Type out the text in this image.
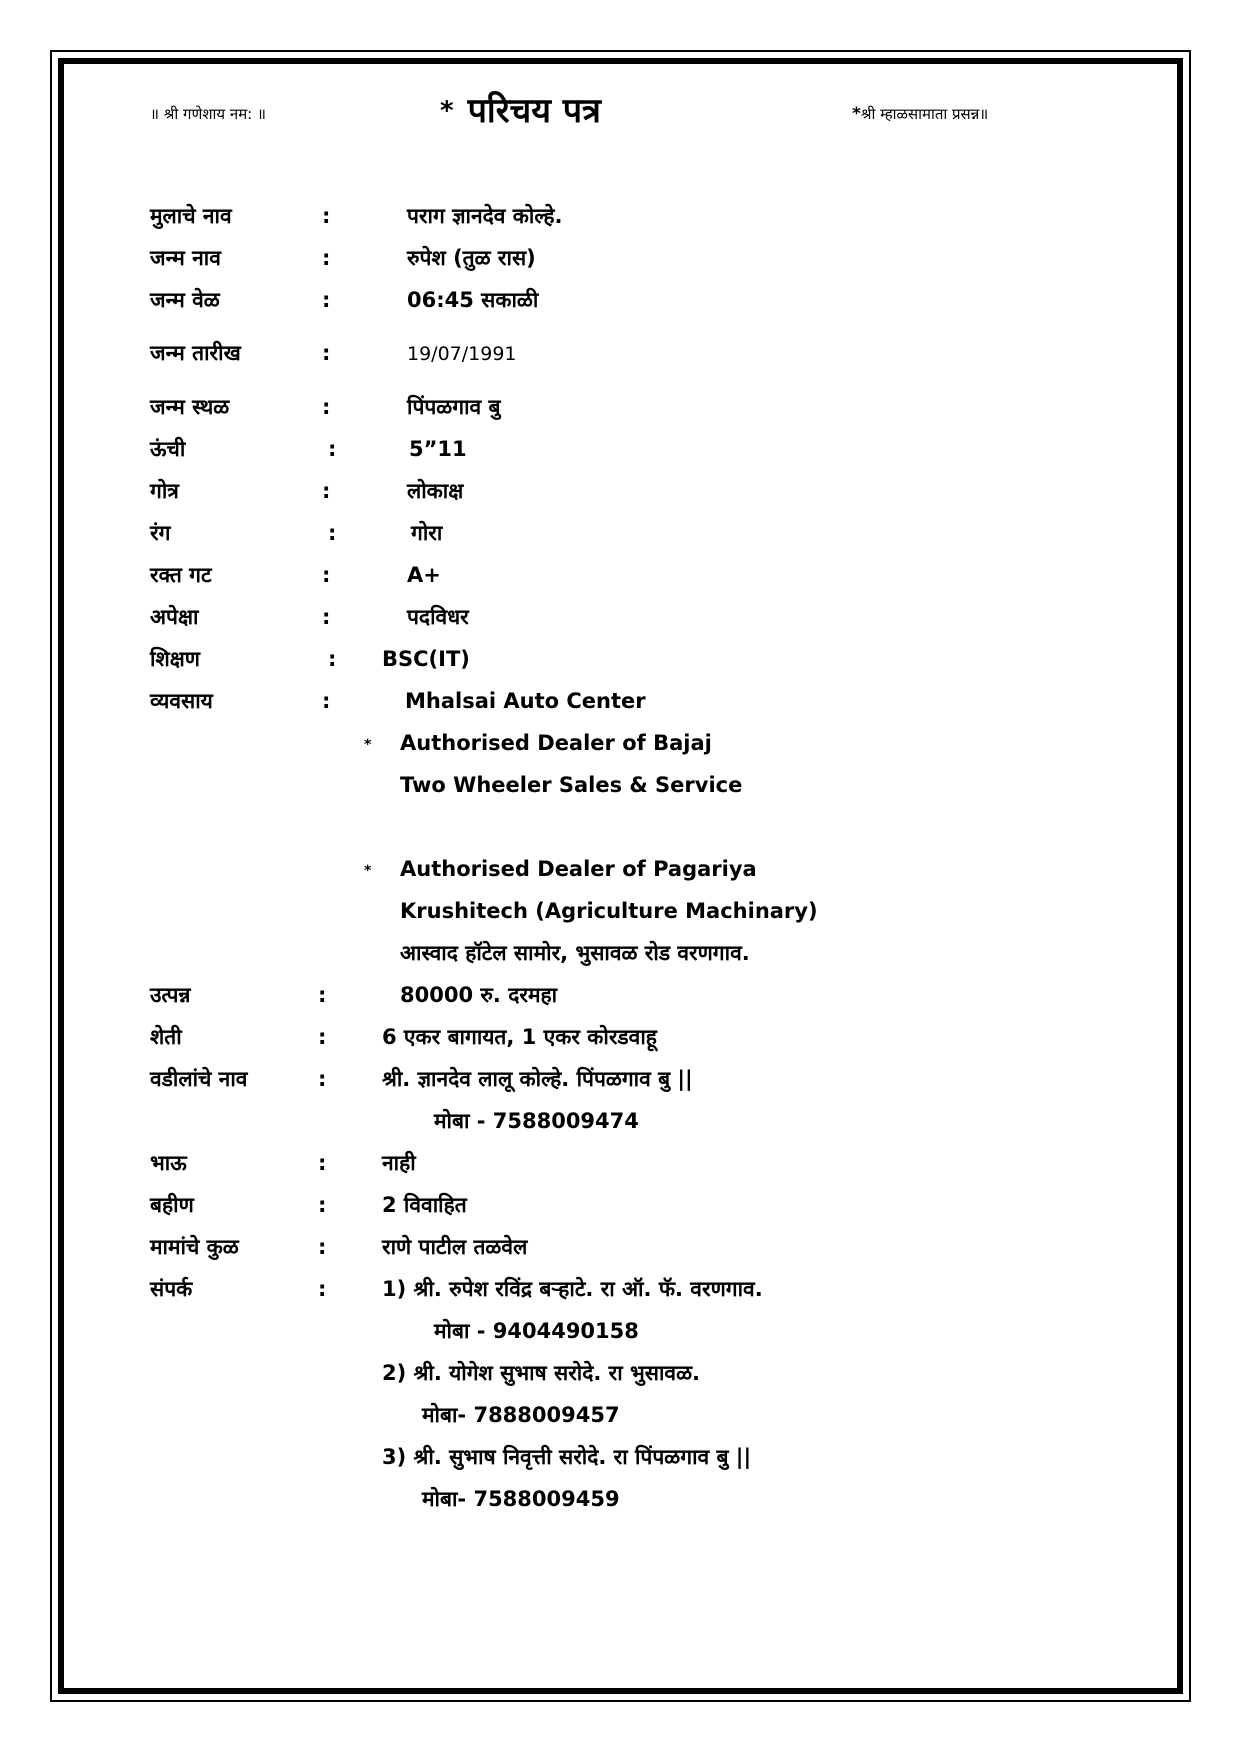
॥ श्री गणेशाय नम: ॥	* परिचय पत्र	*श्री म्हाळसामाता प्रसन्न॥
मुलाचे नाव	:	पराग ज्ञानदेव कोल्हे.
जन्म नाव	:	रुपेश (तुळ रास)
जन्म वेळ	:	06:45 सकाळी
जन्म तारीख	:	19/07/1991
जन्म स्थळ	:	पिंपळगाव बु
ऊंची	:	5”11
गोत्र	:	लोकाक्ष
रंग	:	गोरा
रक्त गट	:	A+
अपेक्षा	:	पदविधर
शिक्षण	: BSC(IT)
व्यवसाय	:	Mhalsai Auto Center
* Authorised Dealer of Bajaj
Two Wheeler Sales & Service
* Authorised Dealer of Pagariya
Krushitech (Agriculture Machinary)
आस्वाद हॉटेल सामोर, भुसावळ रोड वरणगाव.
उत्पन्न	:	80000 रु. दरमहा
शेती	:	6 एकर बागायत, 1 एकर कोरडवाहू
वडीलांचे नाव	:	श्री. ज्ञानदेव लालू कोल्हे. पिंपळगाव बु ||
मोबा - 7588009474
भाऊ	:	नाही
बहीण	:	2 विवाहित
मामांचे कुळ	:	राणे पाटील तळवेल
संपर्क	:	1) श्री. रुपेश रविंद्र बऱ्हाटे. रा ऑ. फॅ. वरणगाव.
मोबा - 9404490158
2) श्री. योगेश सुभाष सरोदे. रा भुसावळ.
मोबा- 7888009457
3) श्री. सुभाष निवृत्ती सरोदे. रा पिंपळगाव बु ||
मोबा- 7588009459
